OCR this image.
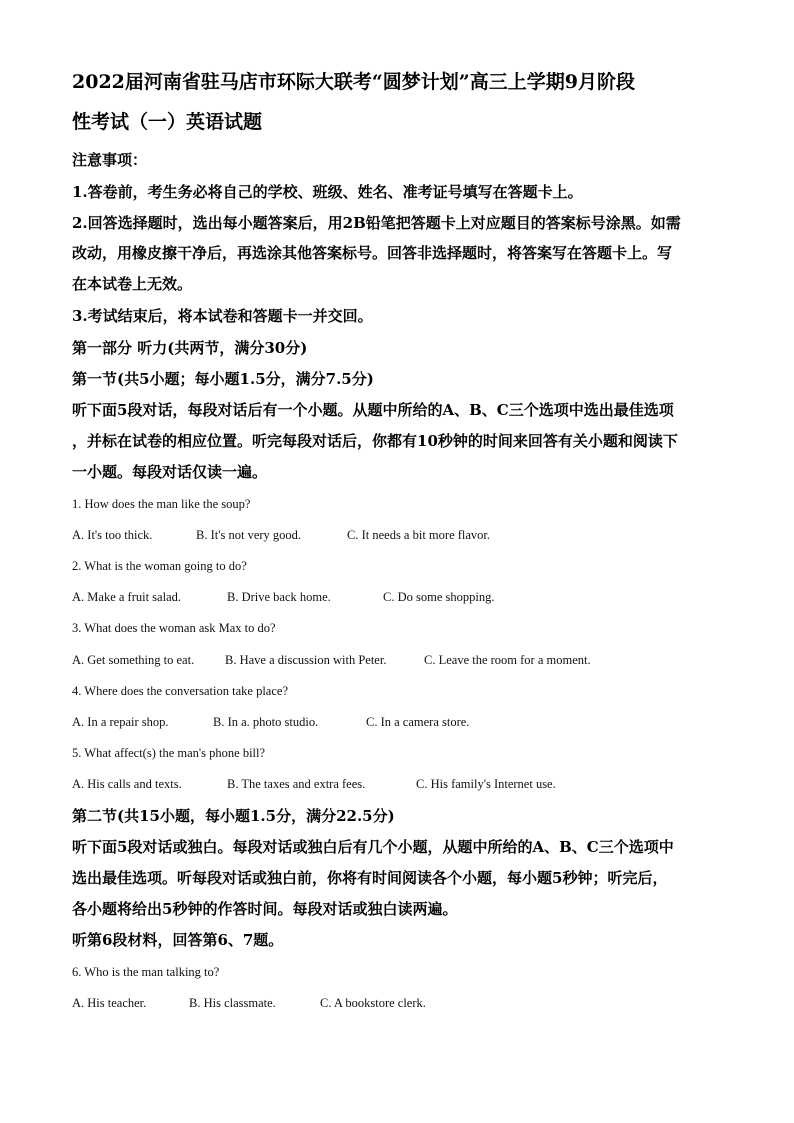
2022届河南省驻马店市环际大联考“圆梦计划”高三上学期9月阶段
性考试（一）英语试题
注意事项：
1.答卷前，考生务必将自己的学校、班级、姓名、准考证号填写在答题卡上。
2.回答选择题时，选出每小题答案后，用2B铅笔把答题卡上对应题目的答案标号涂黑。如需
改动，用橡皮擦干净后，再选涂其他答案标号。回答非选择题时，将答案写在答题卡上。写
在本试卷上无效。
3.考试结束后，将本试卷和答题卡一并交回。
第一部分 听力(共两节，满分30分)
第一节(共5小题；每小题1.5分，满分7.5分)
听下面5段对话，每段对话后有一个小题。从题中所给的A、B、C三个选项中选出最佳选项
，并标在试卷的相应位置。听完每段对话后，你都有10秒钟的时间来回答有关小题和阅读下
一小题。每段对话仅读一遍。
1. How does the man like the soup?
A. It's too thick.	B. It's not very good.	C. It needs a bit more flavor.
2. What is the woman going to do?
A. Make a fruit salad.	B. Drive back home.	C. Do some shopping.
3. What does the woman ask Max to do?
A. Get something to eat. B. Have a discussion with Peter.	C. Leave the room for a moment.
4. Where does the conversation take place?
A. In a repair shop.	B. In a. photo studio.	C. In a camera store.
5. What affect(s) the man's phone bill?
A. His calls and texts.	B. The taxes and extra fees.	C. His family's Internet use.
第二节(共15小题，每小题1.5分，满分22.5分)
听下面5段对话或独白。每段对话或独白后有几个小题，从题中所给的A、B、C三个选项中
选出最佳选项。听每段对话或独白前，你将有时间阅读各个小题，每小题5秒钟；听完后，
各小题将给出5秒钟的作答时间。每段对话或独白读两遍。
听第6段材料，回答第6、7题。
6. Who is the man talking to?
A. His teacher.	B. His classmate.	C. A bookstore clerk.
